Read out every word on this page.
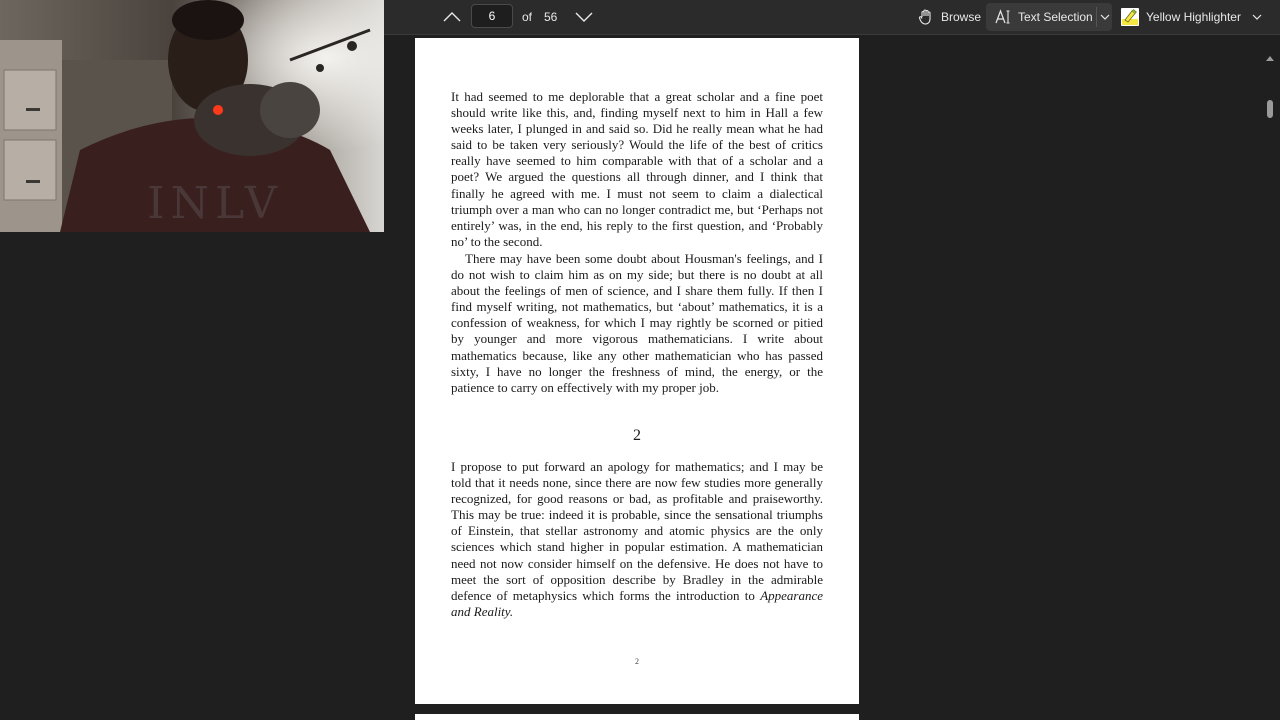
It had seemed to me deplorable that a great scholar and a fine poet should write like this, and, finding myself next to him in Hall a few weeks later, I plunged in and said so. Did he really mean what he had said to be taken very seriously? Would the life of the best of critics really have seemed to him comparable with that of a scholar and a poet? We argued the questions all through dinner, and I think that finally he agreed with me. I must not seem to claim a dialectical triumph over a man who can no longer contradict me, but ‘Perhaps not entirely’ was, in the end, his reply to the first question, and ‘Probably no’ to the second.

There may have been some doubt about Housman's feelings, and I do not wish to claim him as on my side; but there is no doubt at all about the feelings of men of science, and I share them fully. If then I find myself writing, not mathematics, but ‘about’ mathematics, it is a confession of weakness, for which I may rightly be scorned or pitied by younger and more vigorous mathematicians. I write about mathematics because, like any other mathematician who has passed sixty, I have no longer the freshness of mind, the energy, or the patience to carry on effectively with my proper job.

2

I propose to put forward an apology for mathematics; and I may be told that it needs none, since there are now few studies more generally recognized, for good reasons or bad, as profitable and praiseworthy. This may be true: indeed it is probable, since the sensational triumphs of Einstein, that stellar astronomy and atomic physics are the only sciences which stand higher in popular estimation. A mathematician need not now consider himself on the defensive. He does not have to meet the sort of opposition describe by Bradley in the admirable defence of metaphysics which forms the introduction to Appearance and Reality.

2

6
of 56	Browse	Text Selection	Yellow Highlighter
INLV
